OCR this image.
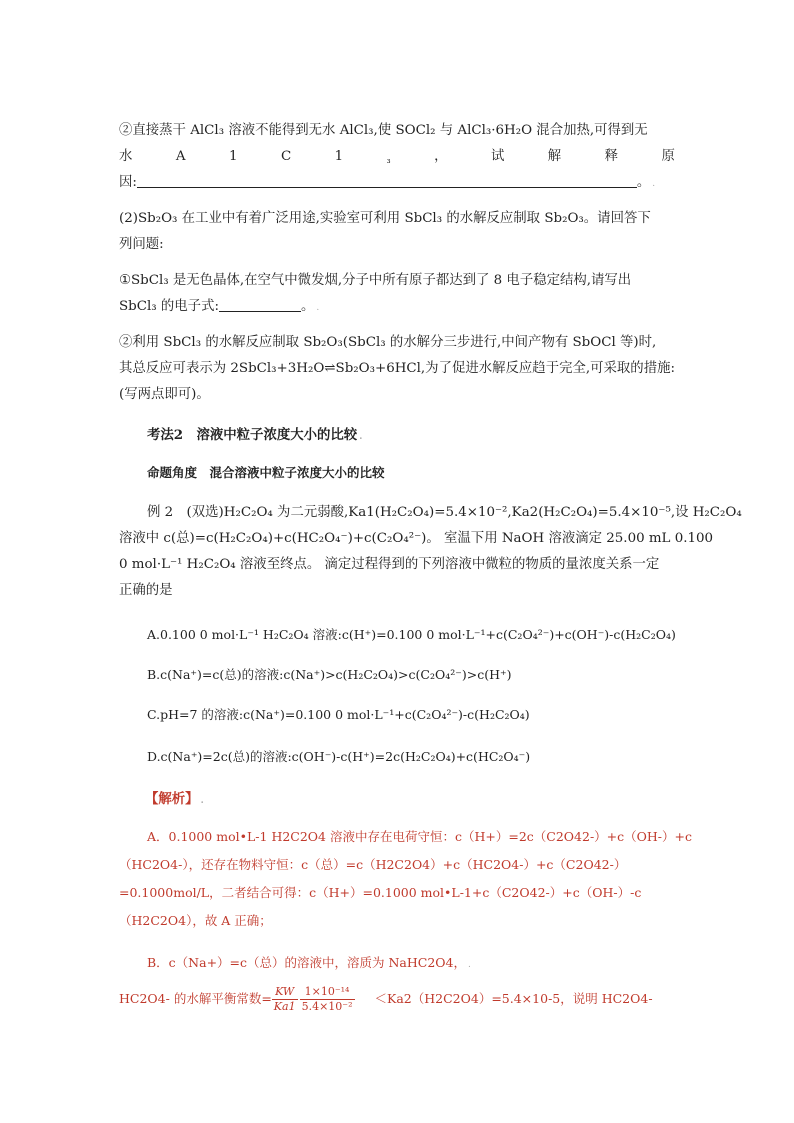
②直接蒸干 AlCl₃ 溶液不能得到无水 AlCl₃,使 SOCl₂ 与 AlCl₃·6H₂O 混合加热,可得到无

水	A	1	C	1	₃	，	试	解	释	原

因:	。 .

(2)Sb₂O₃ 在工业中有着广泛用途,实验室可利用 SbCl₃ 的水解反应制取 Sb₂O₃。请回答下

列问题:

①SbCl₃ 是无色晶体,在空气中微发烟,分子中所有原子都达到了 8 电子稳定结构,请写出

SbCl₃ 的电子式:	。 .

②利用 SbCl₃ 的水解反应制取 Sb₂O₃(SbCl₃ 的水解分三步进行,中间产物有 SbOCl 等)时,

其总反应可表示为 2SbCl₃+3H₂O⇌Sb₂O₃+6HCl,为了促进水解反应趋于完全,可采取的措施:

(写两点即可)。

考法2　溶液中粒子浓度大小的比较 .

命题角度　混合溶液中粒子浓度大小的比较

例 2　(双选)H₂C₂O₄ 为二元弱酸,Ka1(H₂C₂O₄)=5.4×10⁻²,Ka2(H₂C₂O₄)=5.4×10⁻⁵,设 H₂C₂O₄

溶液中 c(总)=c(H₂C₂O₄)+c(HC₂O₄⁻)+c(C₂O₄²⁻)。 室温下用 NaOH 溶液滴定 25.00 mL 0.100

0 mol·L⁻¹ H₂C₂O₄ 溶液至终点。 滴定过程得到的下列溶液中微粒的物质的量浓度关系一定

正确的是

A.0.100 0 mol·L⁻¹ H₂C₂O₄ 溶液:c(H⁺)=0.100 0 mol·L⁻¹+c(C₂O₄²⁻)+c(OH⁻)-c(H₂C₂O₄)

B.c(Na⁺)=c(总)的溶液:c(Na⁺)>c(H₂C₂O₄)>c(C₂O₄²⁻)>c(H⁺)

C.pH=7 的溶液:c(Na⁺)=0.100 0 mol·L⁻¹+c(C₂O₄²⁻)-c(H₂C₂O₄)

D.c(Na⁺)=2c(总)的溶液:c(OH⁻)-c(H⁺)=2c(H₂C₂O₄)+c(HC₂O₄⁻)

【解析】 .

A．0.1000 mol•L-1 H2C2O4 溶液中存在电荷守恒：c（H+）=2c（C2O42-）+c（OH-）+c

（HC2O4-），还存在物料守恒：c（总）=c（H2C2O4）+c（HC2O4-）+c（C2O42-）

=0.1000mol/L，二者结合可得：c（H+）=0.1000 mol•L-1+c（C2O42-）+c（OH-）-c

（H2C2O4），故 A 正确；

B．c（Na+）=c（总）的溶液中，溶质为 NaHC2O4， .

HC2O4- 的水解平衡常数= $\frac{KW}{Ka1} \frac{\text{1×10⁻¹⁴}}{\text{5.4×10⁻²}} <Ka2(H2C2O4)=5.4\times 10-5$，说明 HC2O4-
